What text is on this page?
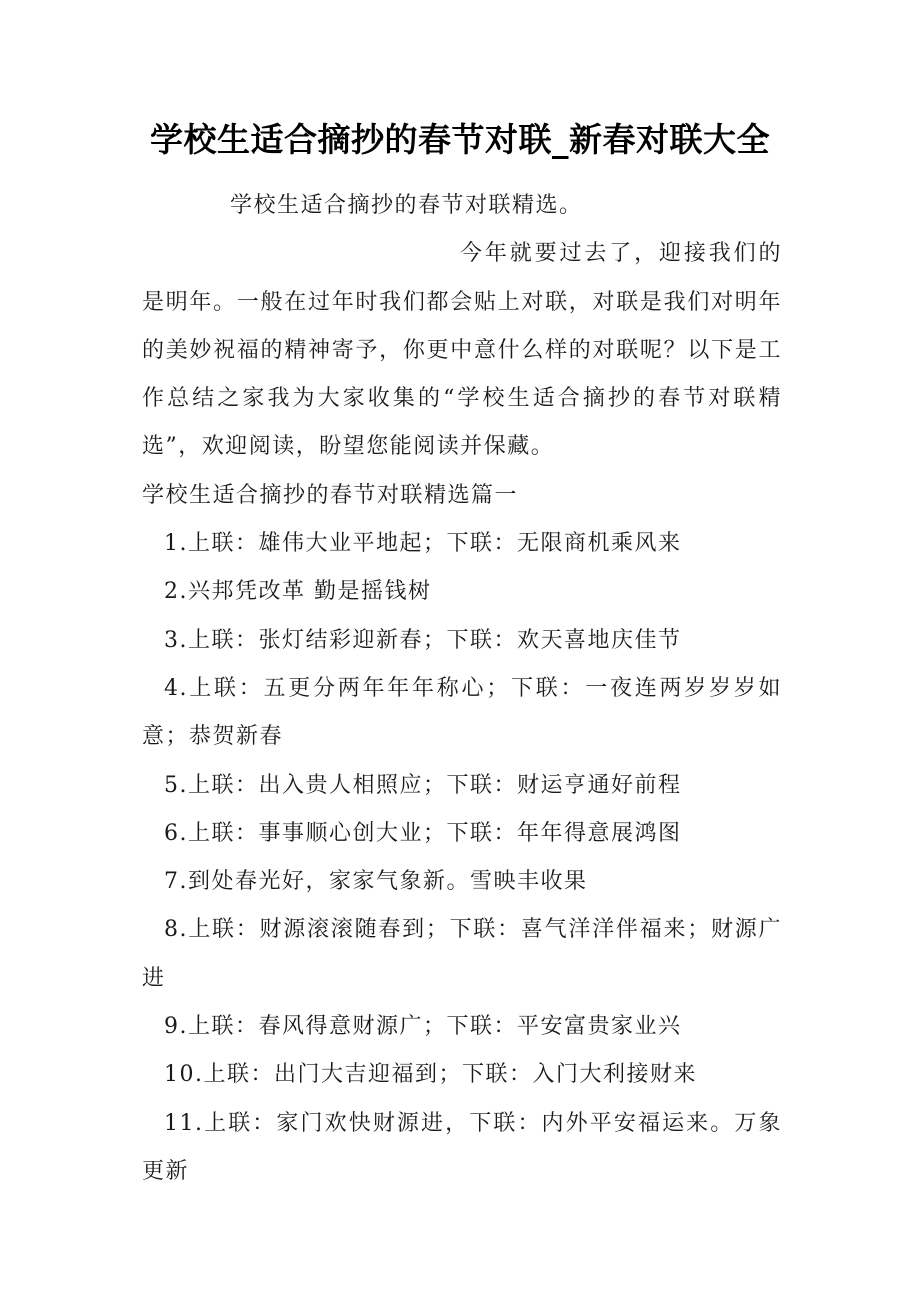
学校生适合摘抄的春节对联_新春对联大全

学校生适合摘抄的春节对联精选。

今年就要过去了，迎接我们的是明年。一般在过年时我们都会贴上对联，对联是我们对明年的美妙祝福的精神寄予，你更中意什么样的对联呢？以下是工作总结之家我为大家收集的“学校生适合摘抄的春节对联精选”，欢迎阅读，盼望您能阅读并保藏。

学校生适合摘抄的春节对联精选篇一

1.上联：雄伟大业平地起；下联：无限商机乘风来

2.兴邦凭改革 勤是摇钱树

3.上联：张灯结彩迎新春；下联：欢天喜地庆佳节

4.上联：五更分两年年年称心；下联：一夜连两岁岁岁如意；恭贺新春

5.上联：出入贵人相照应；下联：财运亨通好前程

6.上联：事事顺心创大业；下联：年年得意展鸿图

7.到处春光好，家家气象新。雪映丰收果

8.上联：财源滚滚随春到；下联：喜气洋洋伴福来；财源广进

9.上联：春风得意财源广；下联：平安富贵家业兴

10.上联：出门大吉迎福到；下联：入门大利接财来

11.上联：家门欢快财源进，下联：内外平安福运来。万象更新
